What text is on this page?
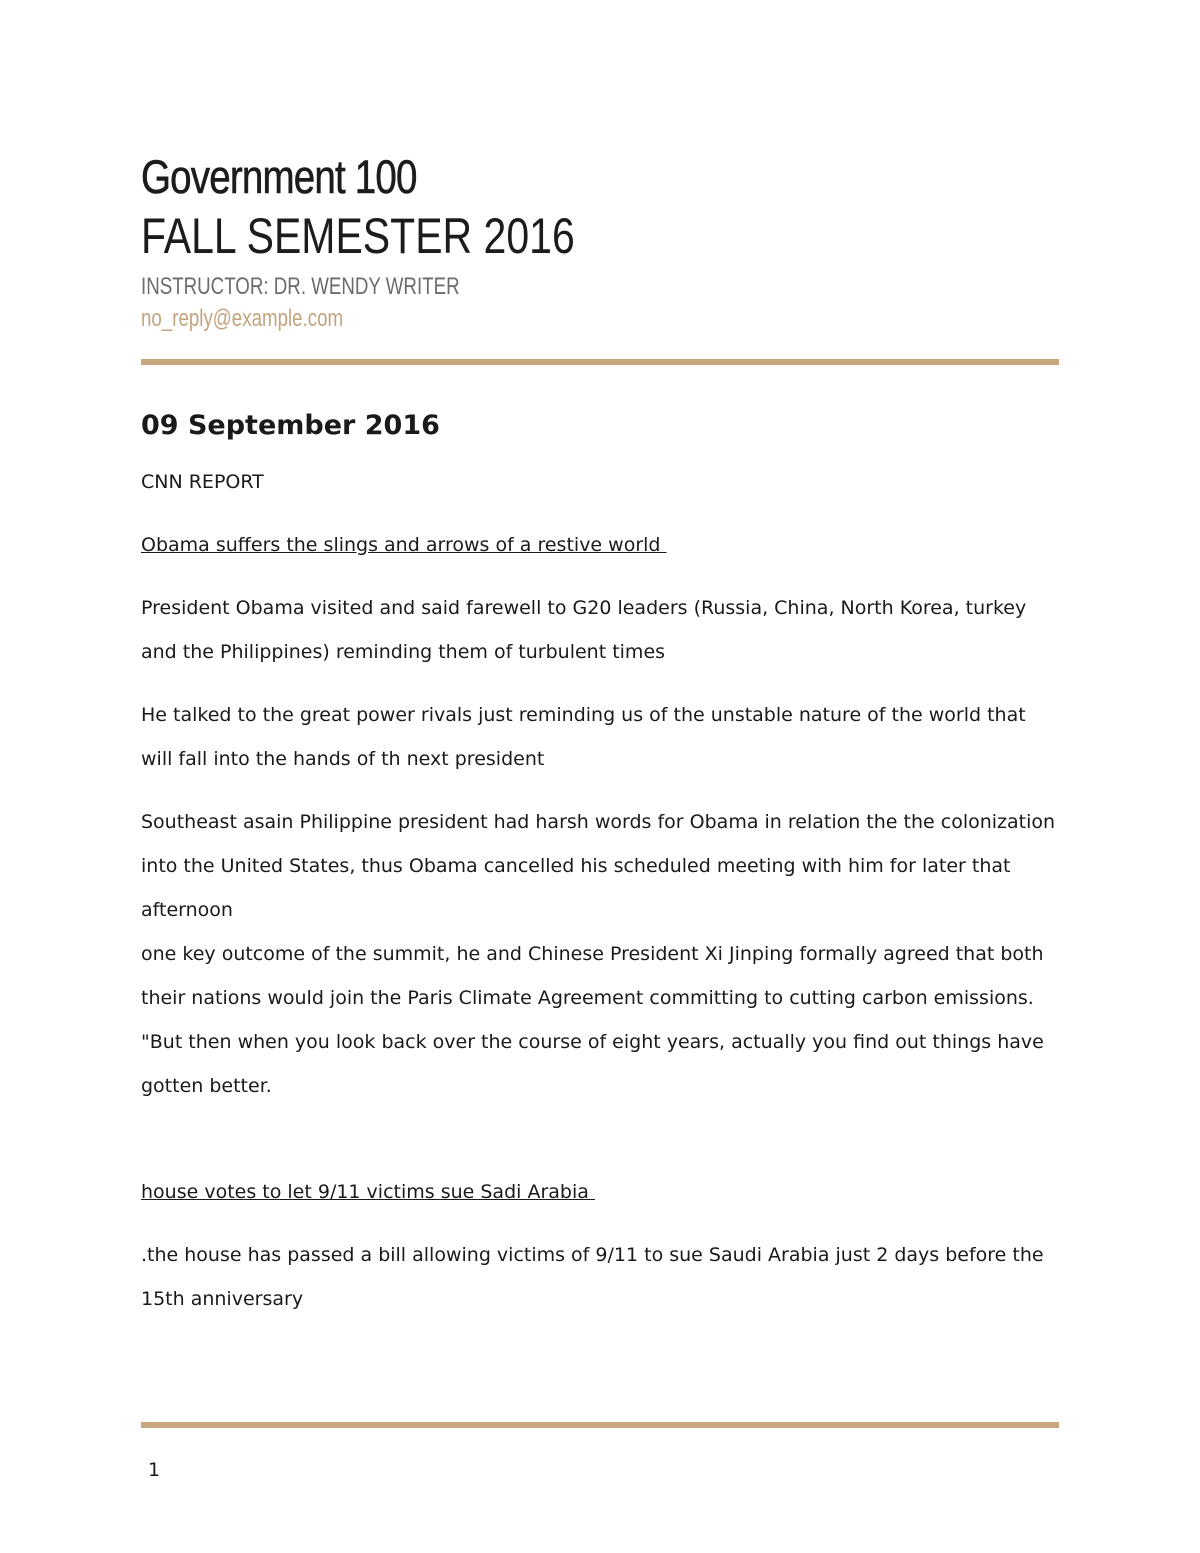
Government 100
FALL SEMESTER 2016
INSTRUCTOR: DR. WENDY WRITER
no_reply@example.com
09 September 2016

CNN REPORT

Obama suffers the slings and arrows of a restive world

President Obama visited and said farewell to G20 leaders (Russia, China, North Korea, turkey and the Philippines) reminding them of turbulent times

He talked to the great power rivals just reminding us of the unstable nature of the world that will fall into the hands of th next president

Southeast asain Philippine president had harsh words for Obama in relation the the colonization into the United States, thus Obama cancelled his scheduled meeting with him for later that afternoon

one key outcome of the summit, he and Chinese President Xi Jinping formally agreed that both their nations would join the Paris Climate Agreement committing to cutting carbon emissions.

"But then when you look back over the course of eight years, actually you find out things have gotten better.

house votes to let 9/11 victims sue Sadi Arabia

.the house has passed a bill allowing victims of 9/11 to sue Saudi Arabia just 2 days before the 15th anniversary

1
